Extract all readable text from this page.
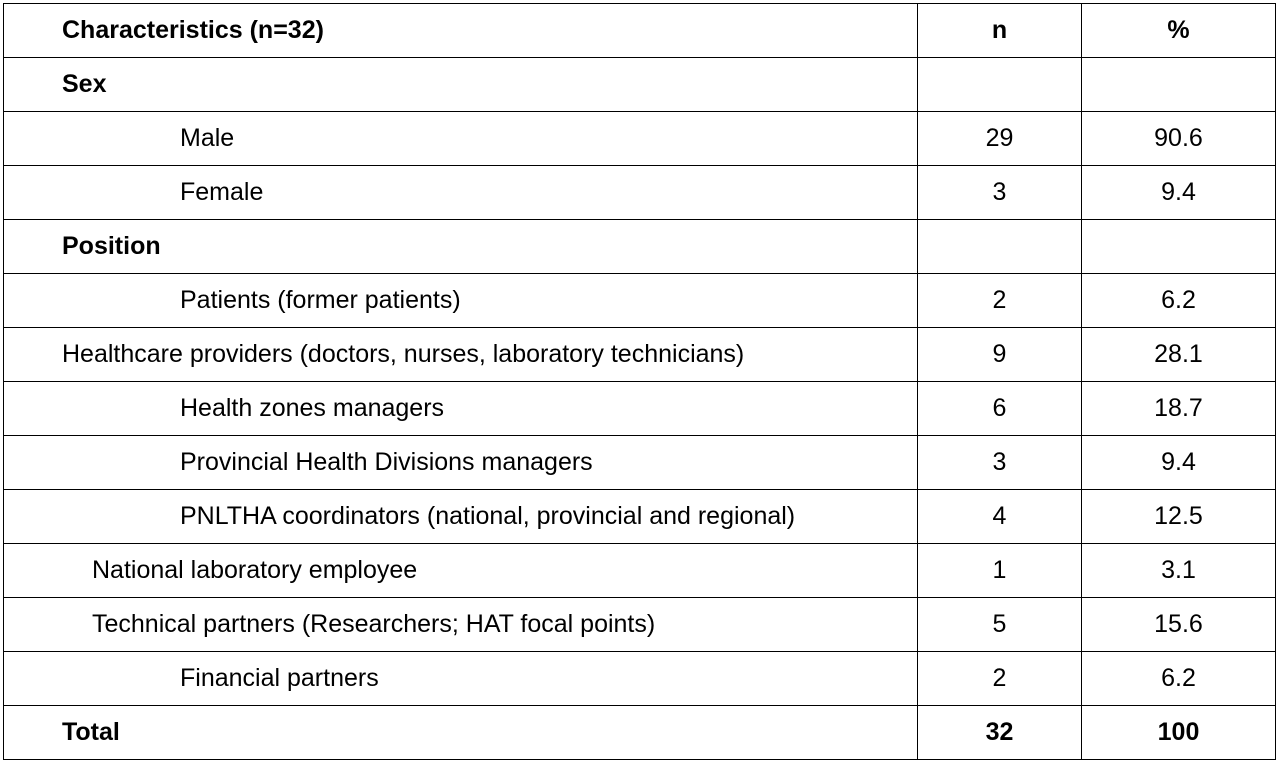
Characteristics (n=32)	n	%
Sex		
Male	29	90.6
Female	3	9.4
Position		
Patients (former patients)	2	6.2
Healthcare providers (doctors, nurses, laboratory technicians)	9	28.1
Health zones managers	6	18.7
Provincial Health Divisions managers	3	9.4
PNLTHA coordinators (national, provincial and regional)	4	12.5
National laboratory employee	1	3.1
Technical partners (Researchers; HAT focal points)	5	15.6
Financial partners	2	6.2
Total	32	100
